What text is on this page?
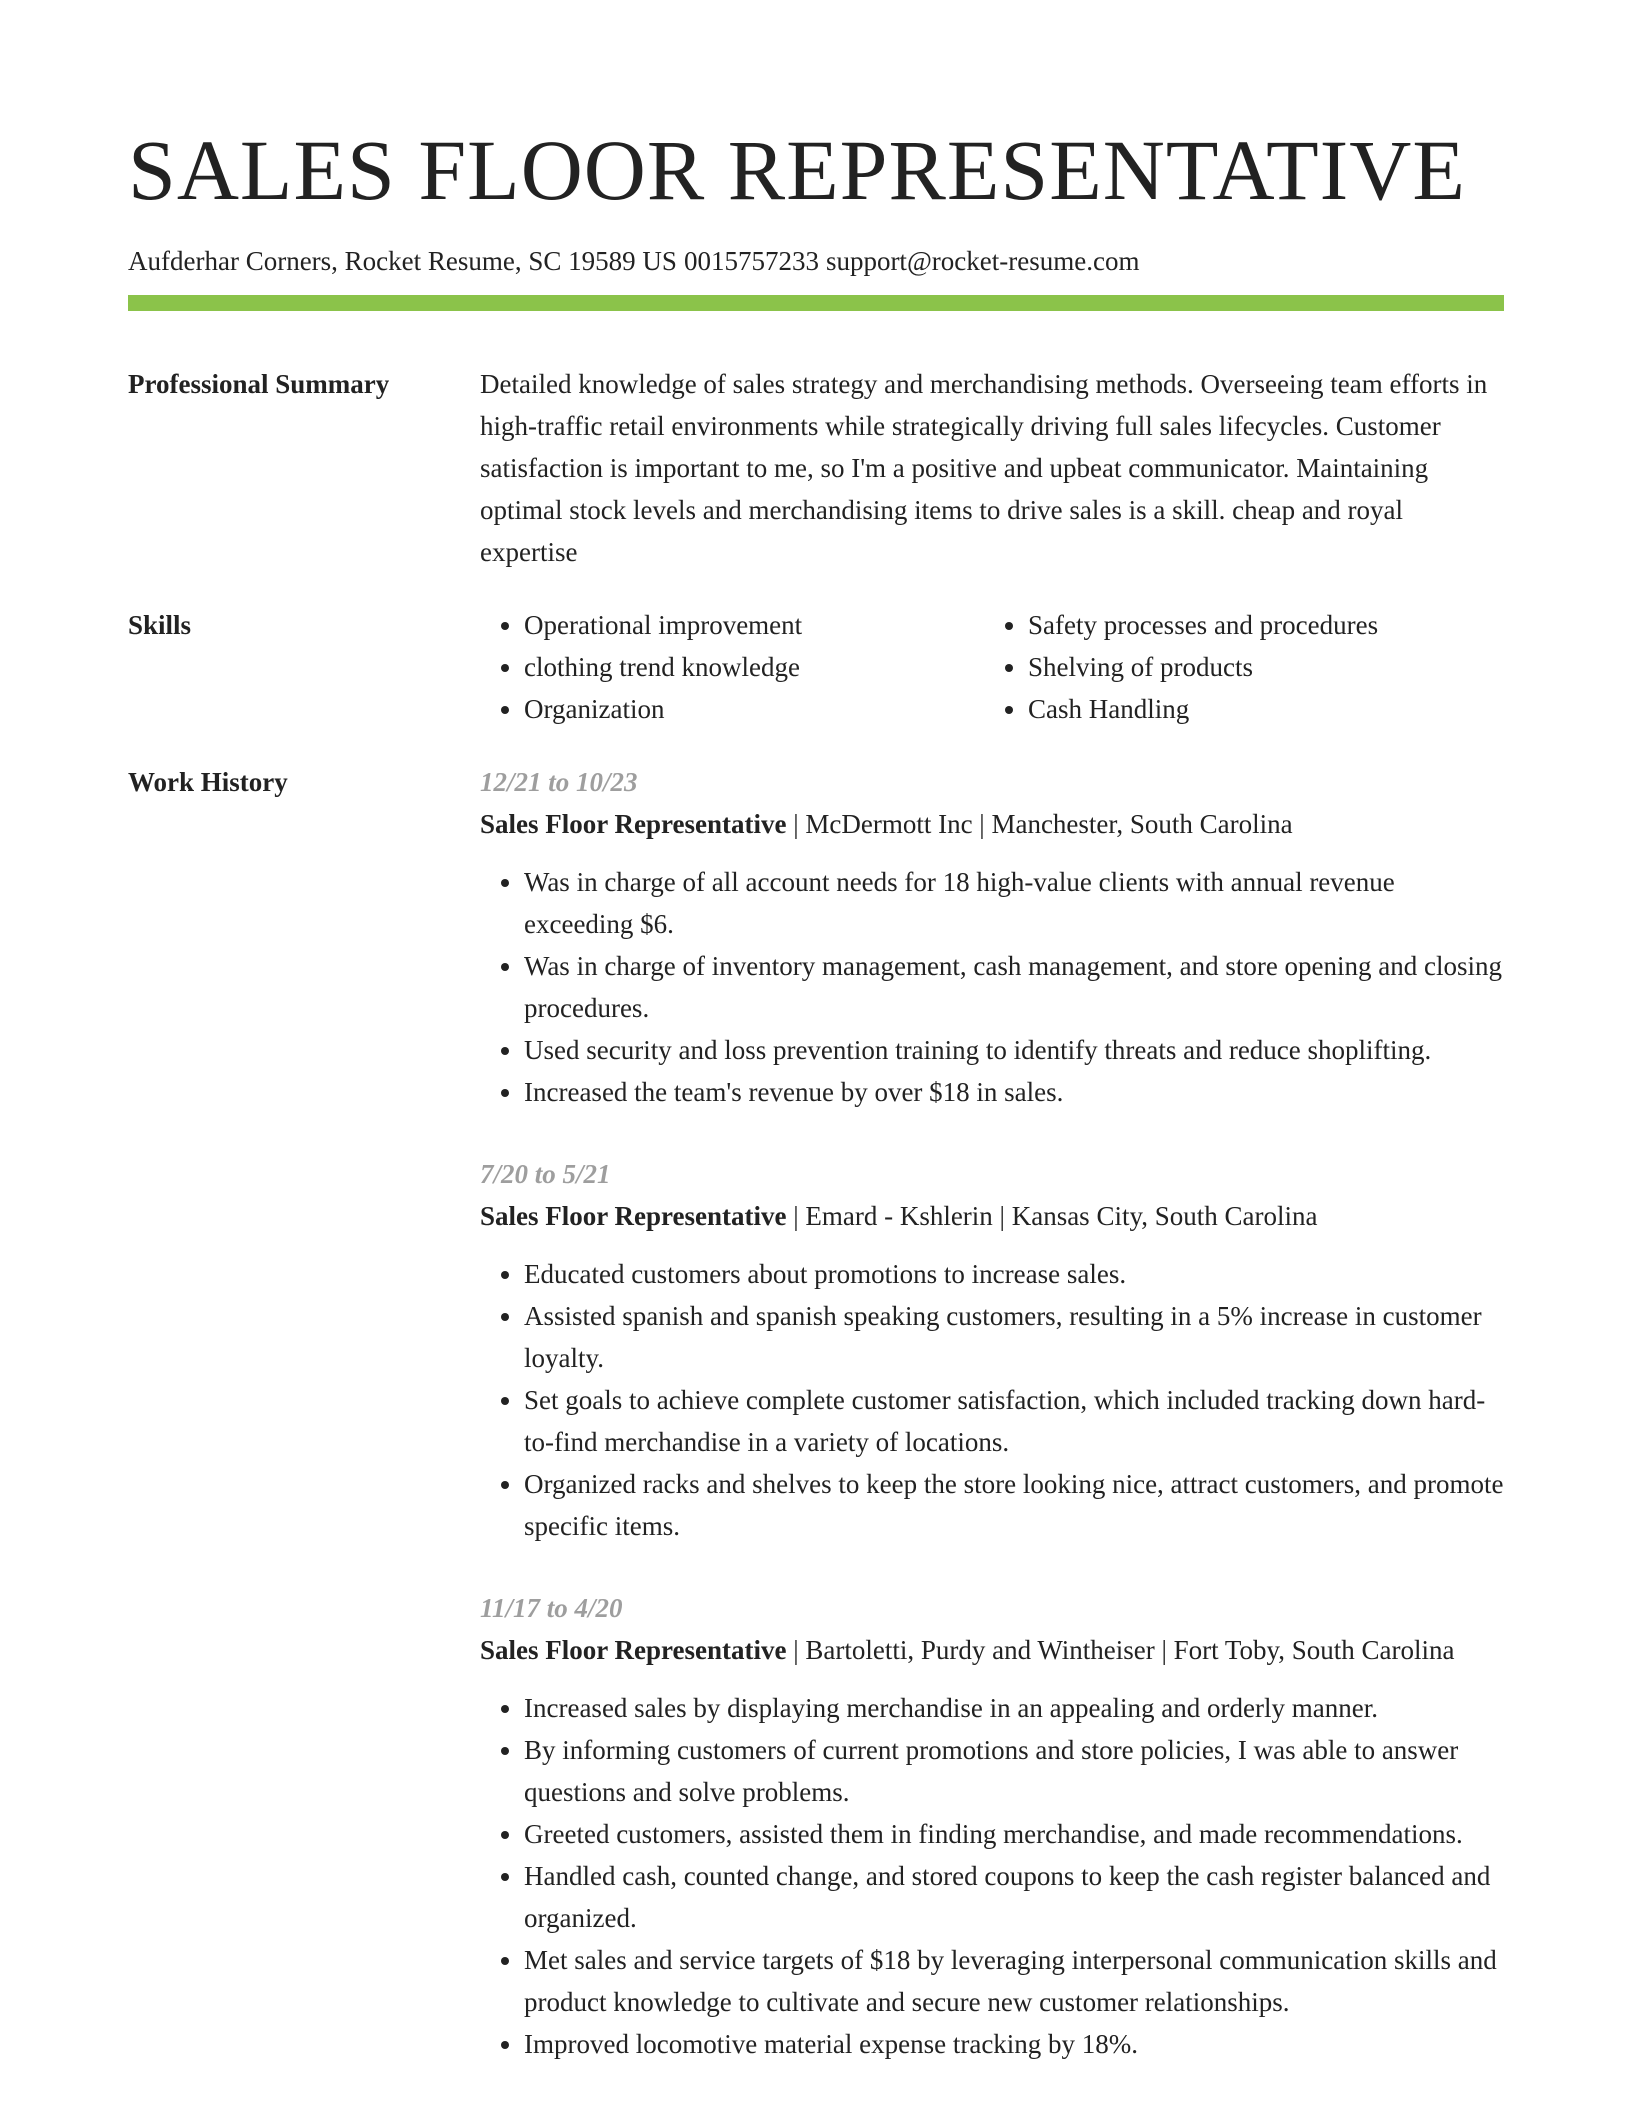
SALES FLOOR REPRESENTATIVE
Aufderhar Corners, Rocket Resume, SC 19589 US 0015757233 support@rocket-resume.com
Professional Summary	Detailed knowledge of sales strategy and merchandising methods. Overseeing team efforts in high-traffic retail environments while strategically driving full sales lifecycles. Customer satisfaction is important to me, so I'm a positive and upbeat communicator. Maintaining optimal stock levels and merchandising items to drive sales is a skill. cheap and royal expertise

Skills
•	Operational improvement
• clothing trend knowledge
• Organization
• Safety processes and procedures
• Shelving of products
• Cash Handling
Work History	12/21 to 10/23
Sales Floor Representative | McDermott Inc | Manchester, South Carolina
• Was in charge of all account needs for 18 high-value clients with annual revenue exceeding $6.
• Was in charge of inventory management, cash management, and store opening and closing procedures.
• Used security and loss prevention training to identify threats and reduce shoplifting.
• Increased the team's revenue by over $18 in sales.
7/20 to 5/21
Sales Floor Representative | Emard - Kshlerin | Kansas City, South Carolina
• Educated customers about promotions to increase sales.
• Assisted spanish and spanish speaking customers, resulting in a 5% increase in customer loyalty.
• Set goals to achieve complete customer satisfaction, which included tracking down hard-to-find merchandise in a variety of locations.
• Organized racks and shelves to keep the store looking nice, attract customers, and promote specific items.
11/17 to 4/20
Sales Floor Representative | Bartoletti, Purdy and Wintheiser | Fort Toby, South Carolina
• Increased sales by displaying merchandise in an appealing and orderly manner.
• By informing customers of current promotions and store policies, I was able to answer questions and solve problems.
• Greeted customers, assisted them in finding merchandise, and made recommendations.
• Handled cash, counted change, and stored coupons to keep the cash register balanced and organized.
• Met sales and service targets of $18 by leveraging interpersonal communication skills and product knowledge to cultivate and secure new customer relationships.
• Improved locomotive material expense tracking by 18%.
